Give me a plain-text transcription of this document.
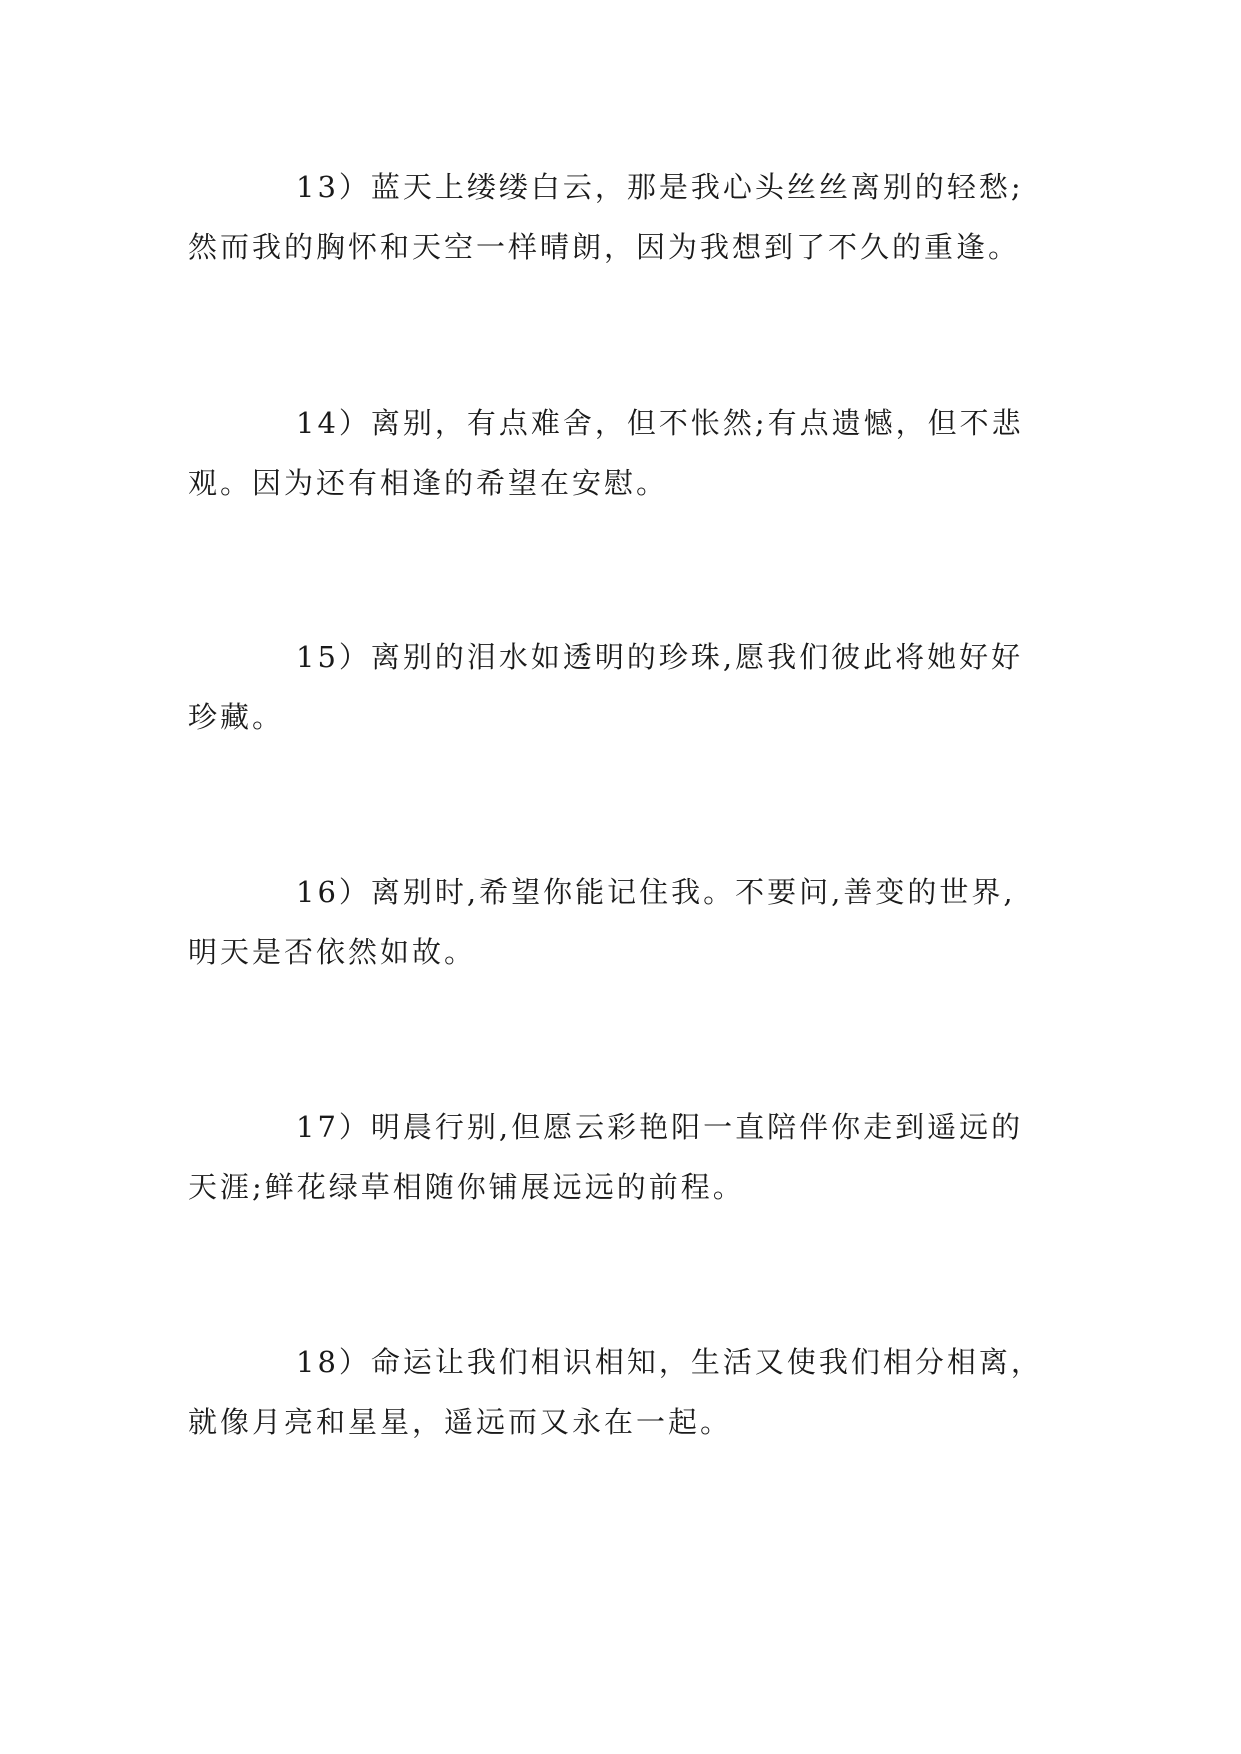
13）蓝天上缕缕白云，那是我心头丝丝离别的轻愁;
然而我的胸怀和天空一样晴朗，因为我想到了不久的重逢。
14）离别，有点难舍，但不怅然;有点遗憾，但不悲
观。因为还有相逢的希望在安慰。
15）离别的泪水如透明的珍珠,愿我们彼此将她好好
珍藏。
16）离别时,希望你能记住我。不要问,善变的世界,
明天是否依然如故。
17）明晨行别,但愿云彩艳阳一直陪伴你走到遥远的
天涯;鲜花绿草相随你铺展远远的前程。
18）命运让我们相识相知，生活又使我们相分相离，
就像月亮和星星，遥远而又永在一起。
